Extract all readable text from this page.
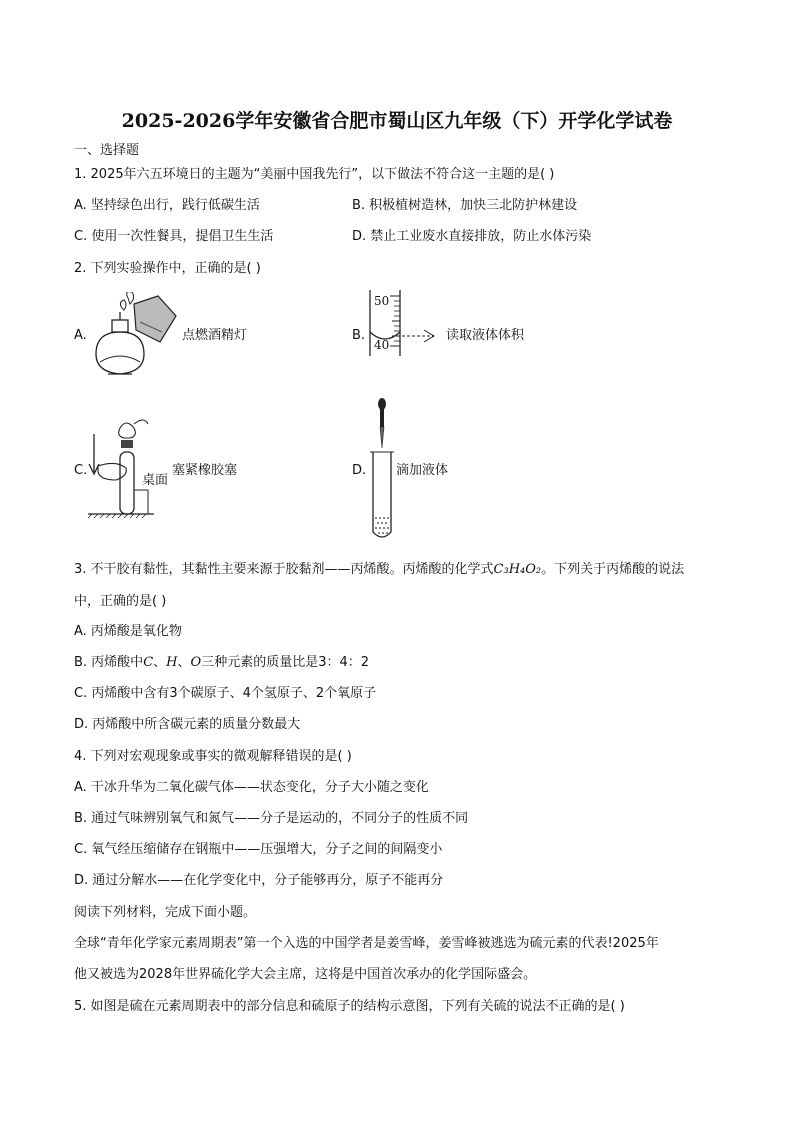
2025-2026学年安徽省合肥市蜀山区九年级（下）开学化学试卷
一、选择题
1. 2025年六五环境日的主题为“美丽中国我先行”，以下做法不符合这一主题的是( )
A. 坚持绿色出行，践行低碳生活	B. 积极植树造林，加快三北防护林建设
C. 使用一次性餐具，提倡卫生生活	D. 禁止工业废水直接排放，防止水体污染
2. 下列实验操作中，正确的是( )
A.	点燃酒精灯	B.
50
40
读取液体体积
C.
桌面
塞紧橡胶塞	D. 滴加液体
3. 不干胶有黏性，其黏性主要来源于胶黏剂——丙烯酸。丙烯酸的化学式C₃H₄O₂。下列关于丙烯酸的说法
中，正确的是( )
A. 丙烯酸是氧化物
B. 丙烯酸中C、H、O三种元素的质量比是3：4：2
C. 丙烯酸中含有3个碳原子、4个氢原子、2个氧原子
D. 丙烯酸中所含碳元素的质量分数最大
4. 下列对宏观现象或事实的微观解释错误的是( )
A. 干冰升华为二氧化碳气体——状态变化，分子大小随之变化
B. 通过气味辨别氧气和氮气——分子是运动的，不同分子的性质不同
C. 氧气经压缩储存在钢瓶中——压强增大，分子之间的间隔变小
D. 通过分解水——在化学变化中，分子能够再分，原子不能再分
阅读下列材料，完成下面小题。
全球“青年化学家元素周期表”第一个入选的中国学者是姜雪峰，姜雪峰被逃选为硫元素的代表!2025年
他又被选为2028年世界硫化学大会主席，这将是中国首次承办的化学国际盛会。
5. 如图是硫在元素周期表中的部分信息和硫原子的结构示意图，下列有关硫的说法不正确的是( )
